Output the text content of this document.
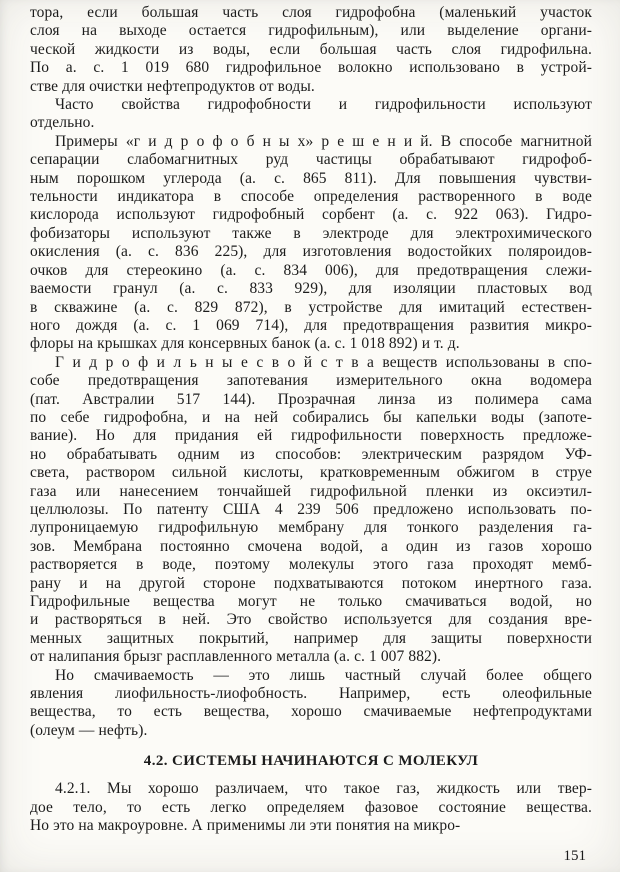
тора, если большая часть слоя гидрофобна (маленький участок
слоя на выходе остается гидрофильным), или выделение органи-
ческой жидкости из воды, если большая часть слоя гидрофильна.
По а. с. 1 019 680 гидрофильное волокно использовано в устрой-
стве для очистки нефтепродуктов от воды.
Часто свойства гидрофобности и гидрофильности используют
отдельно.
Примеры «г и д р о ф о б н ы х» р е ш е н и й. В способе магнитной
сепарации слабомагнитных руд частицы обрабатывают гидрофоб-
ным порошком углерода (а. с. 865 811). Для повышения чувстви-
тельности индикатора в способе определения растворенного в воде
кислорода используют гидрофобный сорбент (а. с. 922 063). Гидро-
фобизаторы используют также в электроде для электрохимического
окисления (а. с. 836 225), для изготовления водостойких поляроидов-
очков для стереокино (а. с. 834 006), для предотвращения слежи-
ваемости гранул (а. с. 833 929), для изоляции пластовых вод
в скважине (а. с. 829 872), в устройстве для имитаций естествен-
ного дождя (а. с. 1 069 714), для предотвращения развития микро-
флоры на крышках для консервных банок (а. с. 1 018 892) и т. д.
Г и д р о ф и л ь н ы е с в о й с т в а веществ использованы в спо-
собе предотвращения запотевания измерительного окна водомера
(пат. Австралии 517 144). Прозрачная линза из полимера сама
по себе гидрофобна, и на ней собирались бы капельки воды (запоте-
вание). Но для придания ей гидрофильности поверхность предложе-
но обрабатывать одним из способов: электрическим разрядом УФ-
света, раствором сильной кислоты, кратковременным обжигом в струе
газа или нанесением тончайшей гидрофильной пленки из оксиэтил-
целлюлозы. По патенту США 4 239 506 предложено использовать по-
лупроницаемую гидрофильную мембрану для тонкого разделения га-
зов. Мембрана постоянно смочена водой, а один из газов хорошо
растворяется в воде, поэтому молекулы этого газа проходят мемб-
рану и на другой стороне подхватываются потоком инертного газа.
Гидрофильные вещества могут не только смачиваться водой, но
и растворяться в ней. Это свойство используется для создания вре-
менных защитных покрытий, например для защиты поверхности
от налипания брызг расплавленного металла (а. с. 1 007 882).
Но смачиваемость — это лишь частный случай более общего
явления лиофильность-лиофобность. Например, есть олеофильные
вещества, то есть вещества, хорошо смачиваемые нефтепродуктами
(олеум — нефть).
4.2. СИСТЕМЫ НАЧИНАЮТСЯ С МОЛЕКУЛ
4.2.1. Мы хорошо различаем, что такое газ, жидкость или твер-
дое тело, то есть легко определяем фазовое состояние вещества.
Но это на макроуровне. А применимы ли эти понятия на микро-
151
